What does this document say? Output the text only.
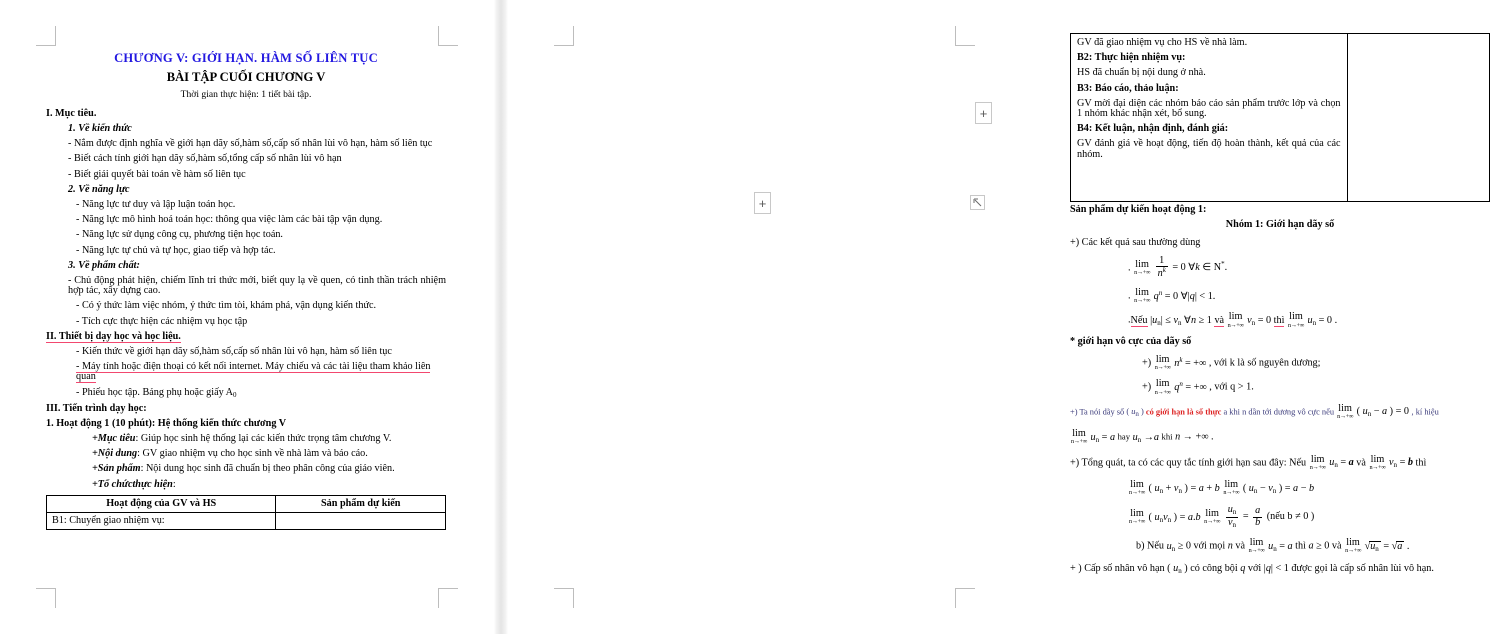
CHƯƠNG V: GIỚI HẠN. HÀM SỐ LIÊN TỤC

BÀI TẬP CUỐI CHƯƠNG V

Thời gian thực hiện: 1 tiết bài tập.

I. Mục tiêu.

1. Về kiến thức

- Nắm được định nghĩa về giới hạn dãy số,hàm số,cấp số nhân lùi vô hạn, hàm số liên tục

- Biết cách tính giới hạn dãy số,hàm số,tổng cấp số nhân lùi vô hạn

- Biết giải quyết bài toán về hàm số liên tục

2. Về năng lực

- Năng lực tư duy và lập luận toán học.

- Năng lực mô hình hoá toán học: thông qua việc làm các bài tập vận dụng.

- Năng lực sử dụng công cụ, phương tiện học toán.

- Năng lực tự chủ và tự học, giao tiếp và hợp tác.

3. Về phẩm chất:

- Chủ động phát hiện, chiếm lĩnh tri thức mới, biết quy lạ về quen, có tinh thần trách nhiệm hợp tác, xây dựng cao.

- Có ý thức làm việc nhóm, ý thức tìm tòi, khám phá, vận dụng kiến thức.

- Tích cực thực hiện các nhiệm vụ học tập

II. Thiết bị dạy học và học liệu.

- Kiến thức về giới hạn dãy số,hàm số,cấp số nhân lùi vô hạn, hàm số liên tục

- Máy tính hoặc điện thoại có kết nối internet. Máy chiếu và các tài liệu tham khảo liên quan

- Phiếu học tập. Bảng phụ hoặc giấy $A_0$

III. Tiến trình dạy học:

1. Hoạt động 1 (10 phút): Hệ thống kiến thức chương V

+Mục tiêu: Giúp học sinh hệ thống lại các kiến thức trọng tâm chương V.

+Nội dung: GV giao nhiệm vụ cho học sinh về nhà làm và báo cáo.

+Sản phẩm: Nội dung học sinh đã chuẩn bị theo phân công của giáo viên.

+Tổ chứcthực hiện:

Hoạt động của GV và HS	Sản phẩm dự kiến
B1: Chuyển giao nhiệm vụ:	

GV đã giao nhiệm vụ cho HS về nhà làm.

B2: Thực hiện nhiệm vụ:

HS đã chuẩn bị nội dung ở nhà.

B3: Báo cáo, thảo luận:

GV mời đại diện các nhóm báo cáo sản phẩm trước lớp và chọn 1 nhóm khác nhận xét, bổ sung.

B4: Kết luận, nhận định, đánh giá:

GV đánh giá về hoạt động, tiến độ hoàn thành, kết quả của các nhóm.

Sản phẩm dự kiến hoạt động 1:

Nhóm 1: Giới hạn dãy số

+) Các kết quả sau thường dùng

. lim
n→+∞
$\frac{1}{n^k} = 0$ ∀k ∈ N*.

. lim
n→+∞ $q^n = 0$ ∀|q| < 1.

.Nếu $|u_n| \le v_n$ ∀n ≥ 1 và lim
n→+∞ $v_n = 0$ thì lim
n→+∞ $u_n = 0$ .

* giới hạn vô cực của dãy số

+) lim
n→+∞ $n^k$ = +∞ , với k là số nguyên dương;

+) lim
n→+∞ $q^n$ = +∞ , với q > 1.

+) Ta nói dãy số ( $u_n$ ) có giới hạn là số thực a khi n dần tới dương vô cực nếu lim
n→+∞ ( $u_n - a$ ) = 0 , kí hiệu

lim
n→+∞ $u_n = a$ hay $u_n \to a$ khi n → +∞ .

+) Tổng quát, ta có các quy tắc tính giới hạn sau đây: Nếu lim
n→+∞ $u_n = a$ và lim
n→+∞ $v_n = b$ thì

lim
n→+∞ ( $u_n + v_n$ ) = a + b lim
n→+∞ ( $u_n - v_n$ ) = a − b

lim
n→+∞ ( $u_nv_n$ ) = a.b lim
n→+∞
$\frac{u_n}{v_n} = \frac{a}{b}$ (nếu b ≠ 0 )

b) Nếu $u_n \ge 0$ với mọi n và lim
n→+∞ $u_n = a$ thì a ≥ 0 và lim
n→+∞ $√u_n = √a$ .

+ ) Cấp số nhân vô hạn ( $u_n$ ) có công bội q với |q| < 1 được gọi là cấp số nhân lùi vô hạn.

+
+
